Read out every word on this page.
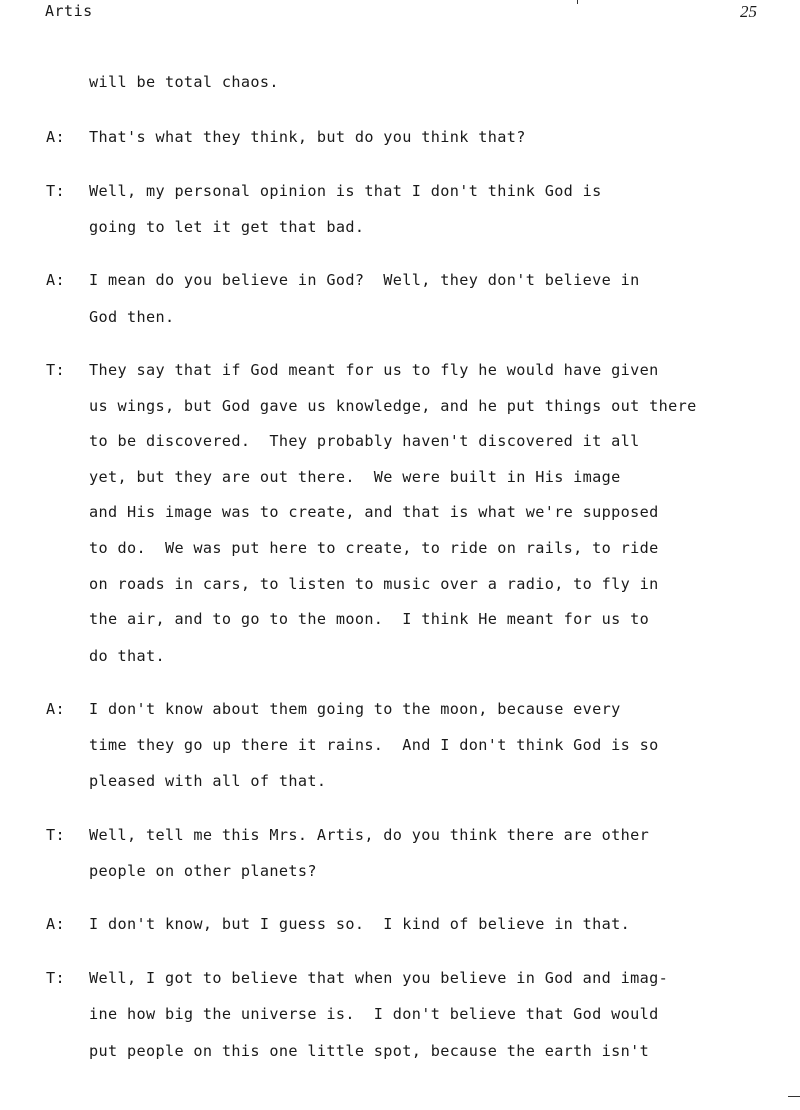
Artis	25
will be total chaos.
A: That's what they think, but do you think that?
T: Well, my personal opinion is that I don't think God is
going to let it get that bad.
A: I mean do you believe in God?  Well, they don't believe in
God then.
T: They say that if God meant for us to fly he would have given
us wings, but God gave us knowledge, and he put things out there
to be discovered.  They probably haven't discovered it all
yet, but they are out there.  We were built in His image
and His image was to create, and that is what we're supposed
to do.  We was put here to create, to ride on rails, to ride
on roads in cars, to listen to music over a radio, to fly in
the air, and to go to the moon.  I think He meant for us to
do that.
A: I don't know about them going to the moon, because every
time they go up there it rains.  And I don't think God is so
pleased with all of that.
T: Well, tell me this Mrs. Artis, do you think there are other
people on other planets?
A: I don't know, but I guess so.  I kind of believe in that.
T: Well, I got to believe that when you believe in God and imag-
ine how big the universe is.  I don't believe that God would
put people on this one little spot, because the earth isn't
